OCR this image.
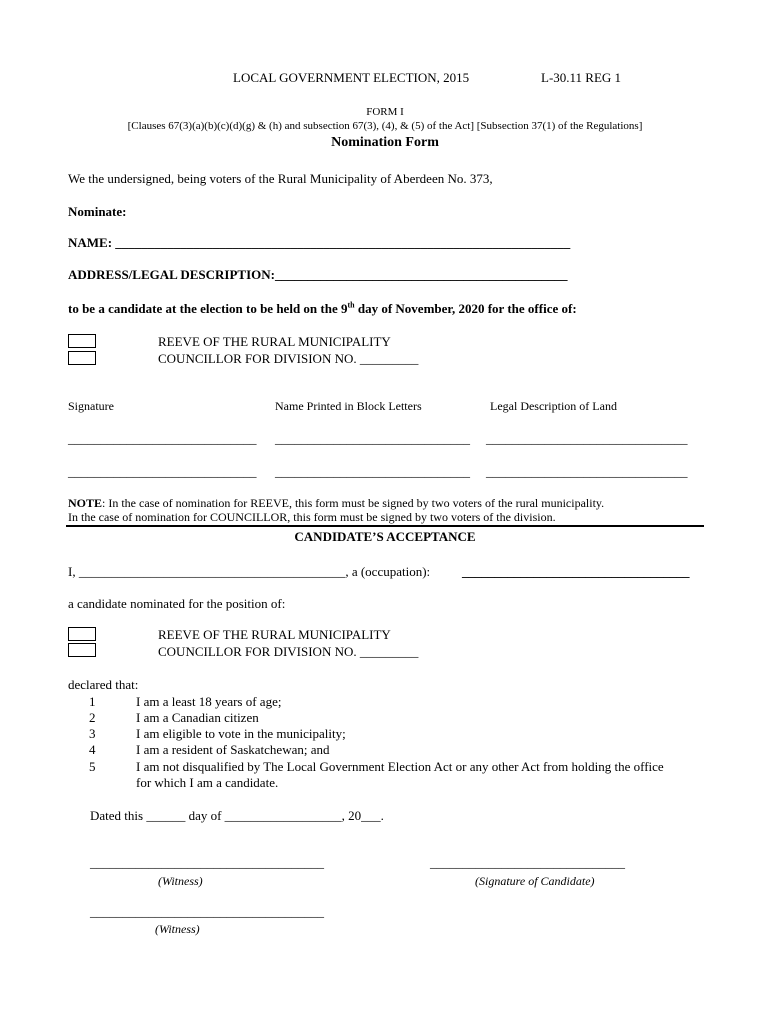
LOCAL GOVERNMENT ELECTION, 2015	L-30.11 REG 1
FORM I
[Clauses 67(3)(a)(b)(c)(d)(g) & (h) and subsection 67(3), (4), & (5) of the Act] [Subsection 37(1) of the Regulations]
Nomination Form
We the undersigned, being voters of the Rural Municipality of Aberdeen No. 373,
Nominate:
NAME: ______________________________________________________________________
ADDRESS/LEGAL DESCRIPTION:_____________________________________________
to be a candidate at the election to be held on the 9th day of November, 2020 for the office of:
REEVE OF THE RURAL MUNICIPALITY
COUNCILLOR FOR DIVISION NO. _________
Signature	Name Printed in Block Letters	Legal Description of Land
_____________________________ ______________________________ _______________________________
_____________________________ ______________________________ _______________________________
NOTE: In the case of nomination for REEVE, this form must be signed by two voters of the rural municipality.
In the case of nomination for COUNCILLOR, this form must be signed by two voters of the division.
CANDIDATE’S ACCEPTANCE
I, _________________________________________, a (occupation): ___________________________________
a candidate nominated for the position of:
REEVE OF THE RURAL MUNICIPALITY
COUNCILLOR FOR DIVISION NO. _________
declared that:
1	I am a least 18 years of age;
2	I am a Canadian citizen
3	I am eligible to vote in the municipality;
4	I am a resident of Saskatchewan; and
5	I am not disqualified by The Local Government Election Act or any other Act from holding the office
for which I am a candidate.
Dated this ______ day of __________________, 20___.
____________________________________
(Witness)
______________________________
(Signature of Candidate)
____________________________________
(Witness)
